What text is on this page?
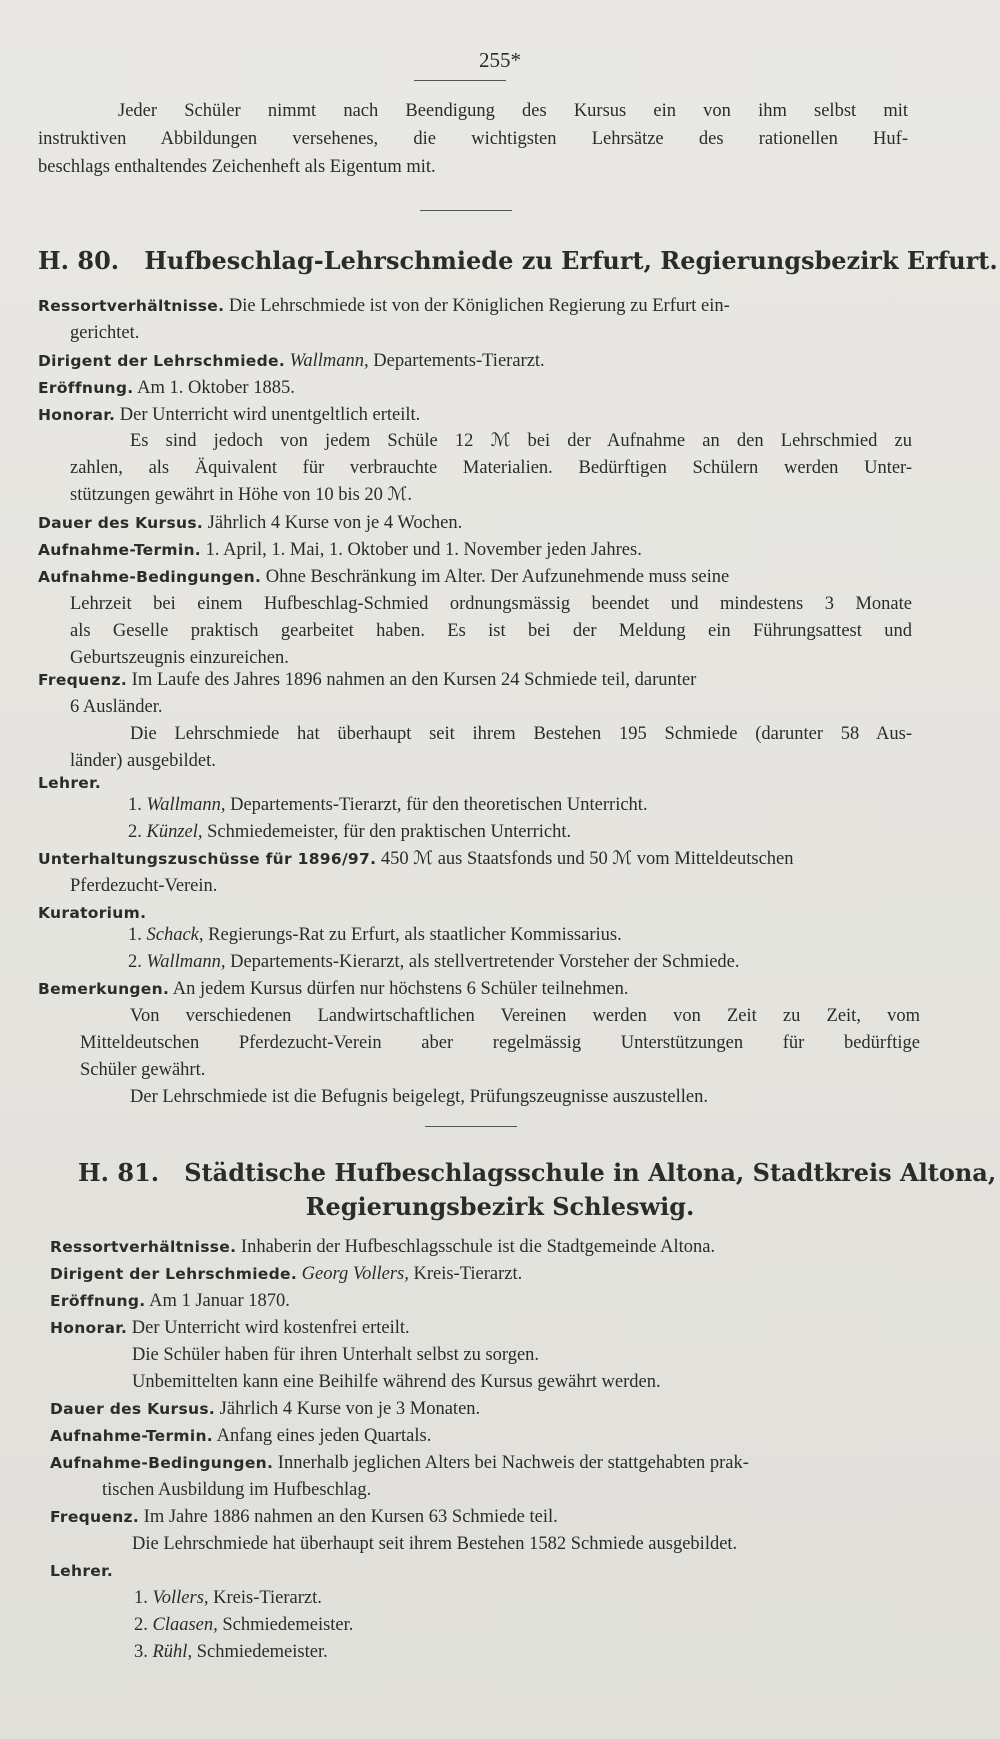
255*
Jeder Schüler nimmt nach Beendigung des Kursus ein von ihm selbst mit
instruktiven Abbildungen versehenes, die wichtigsten Lehrsätze des rationellen Huf-
beschlags enthaltendes Zeichenheft als Eigentum mit.
H. 80. Hufbeschlag-Lehrschmiede zu Erfurt, Regierungsbezirk Erfurt.
Ressortverhältnisse. Die Lehrschmiede ist von der Königlichen Regierung zu Erfurt ein-
gerichtet.
Dirigent der Lehrschmiede. Wallmann, Departements-Tierarzt.
Eröffnung. Am 1. Oktober 1885.
Honorar. Der Unterricht wird unentgeltlich erteilt.
Es sind jedoch von jedem Schüle 12 ℳ bei der Aufnahme an den Lehrschmied zu
zahlen, als Äquivalent für verbrauchte Materialien. Bedürftigen Schülern werden Unter-
stützungen gewährt in Höhe von 10 bis 20 ℳ.
Dauer des Kursus. Jährlich 4 Kurse von je 4 Wochen.
Aufnahme-Termin. 1. April, 1. Mai, 1. Oktober und 1. November jeden Jahres.
Aufnahme-Bedingungen. Ohne Beschränkung im Alter. Der Aufzunehmende muss seine
Lehrzeit bei einem Hufbeschlag-Schmied ordnungsmässig beendet und mindestens 3 Monate
als Geselle praktisch gearbeitet haben. Es ist bei der Meldung ein Führungsattest und
Geburtszeugnis einzureichen.
Frequenz. Im Laufe des Jahres 1896 nahmen an den Kursen 24 Schmiede teil, darunter
6 Ausländer.
Die Lehrschmiede hat überhaupt seit ihrem Bestehen 195 Schmiede (darunter 58 Aus-
länder) ausgebildet.
Lehrer.
1. Wallmann, Departements-Tierarzt, für den theoretischen Unterricht.
2. Künzel, Schmiedemeister, für den praktischen Unterricht.
Unterhaltungszuschüsse für 1896/97. 450 ℳ aus Staatsfonds und 50 ℳ vom Mitteldeutschen
Pferdezucht-Verein.
Kuratorium.
1. Schack, Regierungs-Rat zu Erfurt, als staatlicher Kommissarius.
2. Wallmann, Departements-Kierarzt, als stellvertretender Vorsteher der Schmiede.
Bemerkungen. An jedem Kursus dürfen nur höchstens 6 Schüler teilnehmen.
Von verschiedenen Landwirtschaftlichen Vereinen werden von Zeit zu Zeit, vom
Mitteldeutschen Pferdezucht-Verein aber regelmässig Unterstützungen für bedürftige
Schüler gewährt.
Der Lehrschmiede ist die Befugnis beigelegt, Prüfungszeugnisse auszustellen.
H. 81. Städtische Hufbeschlagsschule in Altona, Stadtkreis Altona,
Regierungsbezirk Schleswig.
Ressortverhältnisse. Inhaberin der Hufbeschlagsschule ist die Stadtgemeinde Altona.
Dirigent der Lehrschmiede. Georg Vollers, Kreis-Tierarzt.
Eröffnung. Am 1 Januar 1870.
Honorar. Der Unterricht wird kostenfrei erteilt.
Die Schüler haben für ihren Unterhalt selbst zu sorgen.
Unbemittelten kann eine Beihilfe während des Kursus gewährt werden.
Dauer des Kursus. Jährlich 4 Kurse von je 3 Monaten.
Aufnahme-Termin. Anfang eines jeden Quartals.
Aufnahme-Bedingungen. Innerhalb jeglichen Alters bei Nachweis der stattgehabten prak-
tischen Ausbildung im Hufbeschlag.
Frequenz. Im Jahre 1886 nahmen an den Kursen 63 Schmiede teil.
Die Lehrschmiede hat überhaupt seit ihrem Bestehen 1582 Schmiede ausgebildet.
Lehrer.
1. Vollers, Kreis-Tierarzt.
2. Claasen, Schmiedemeister.
3. Rühl, Schmiedemeister.
